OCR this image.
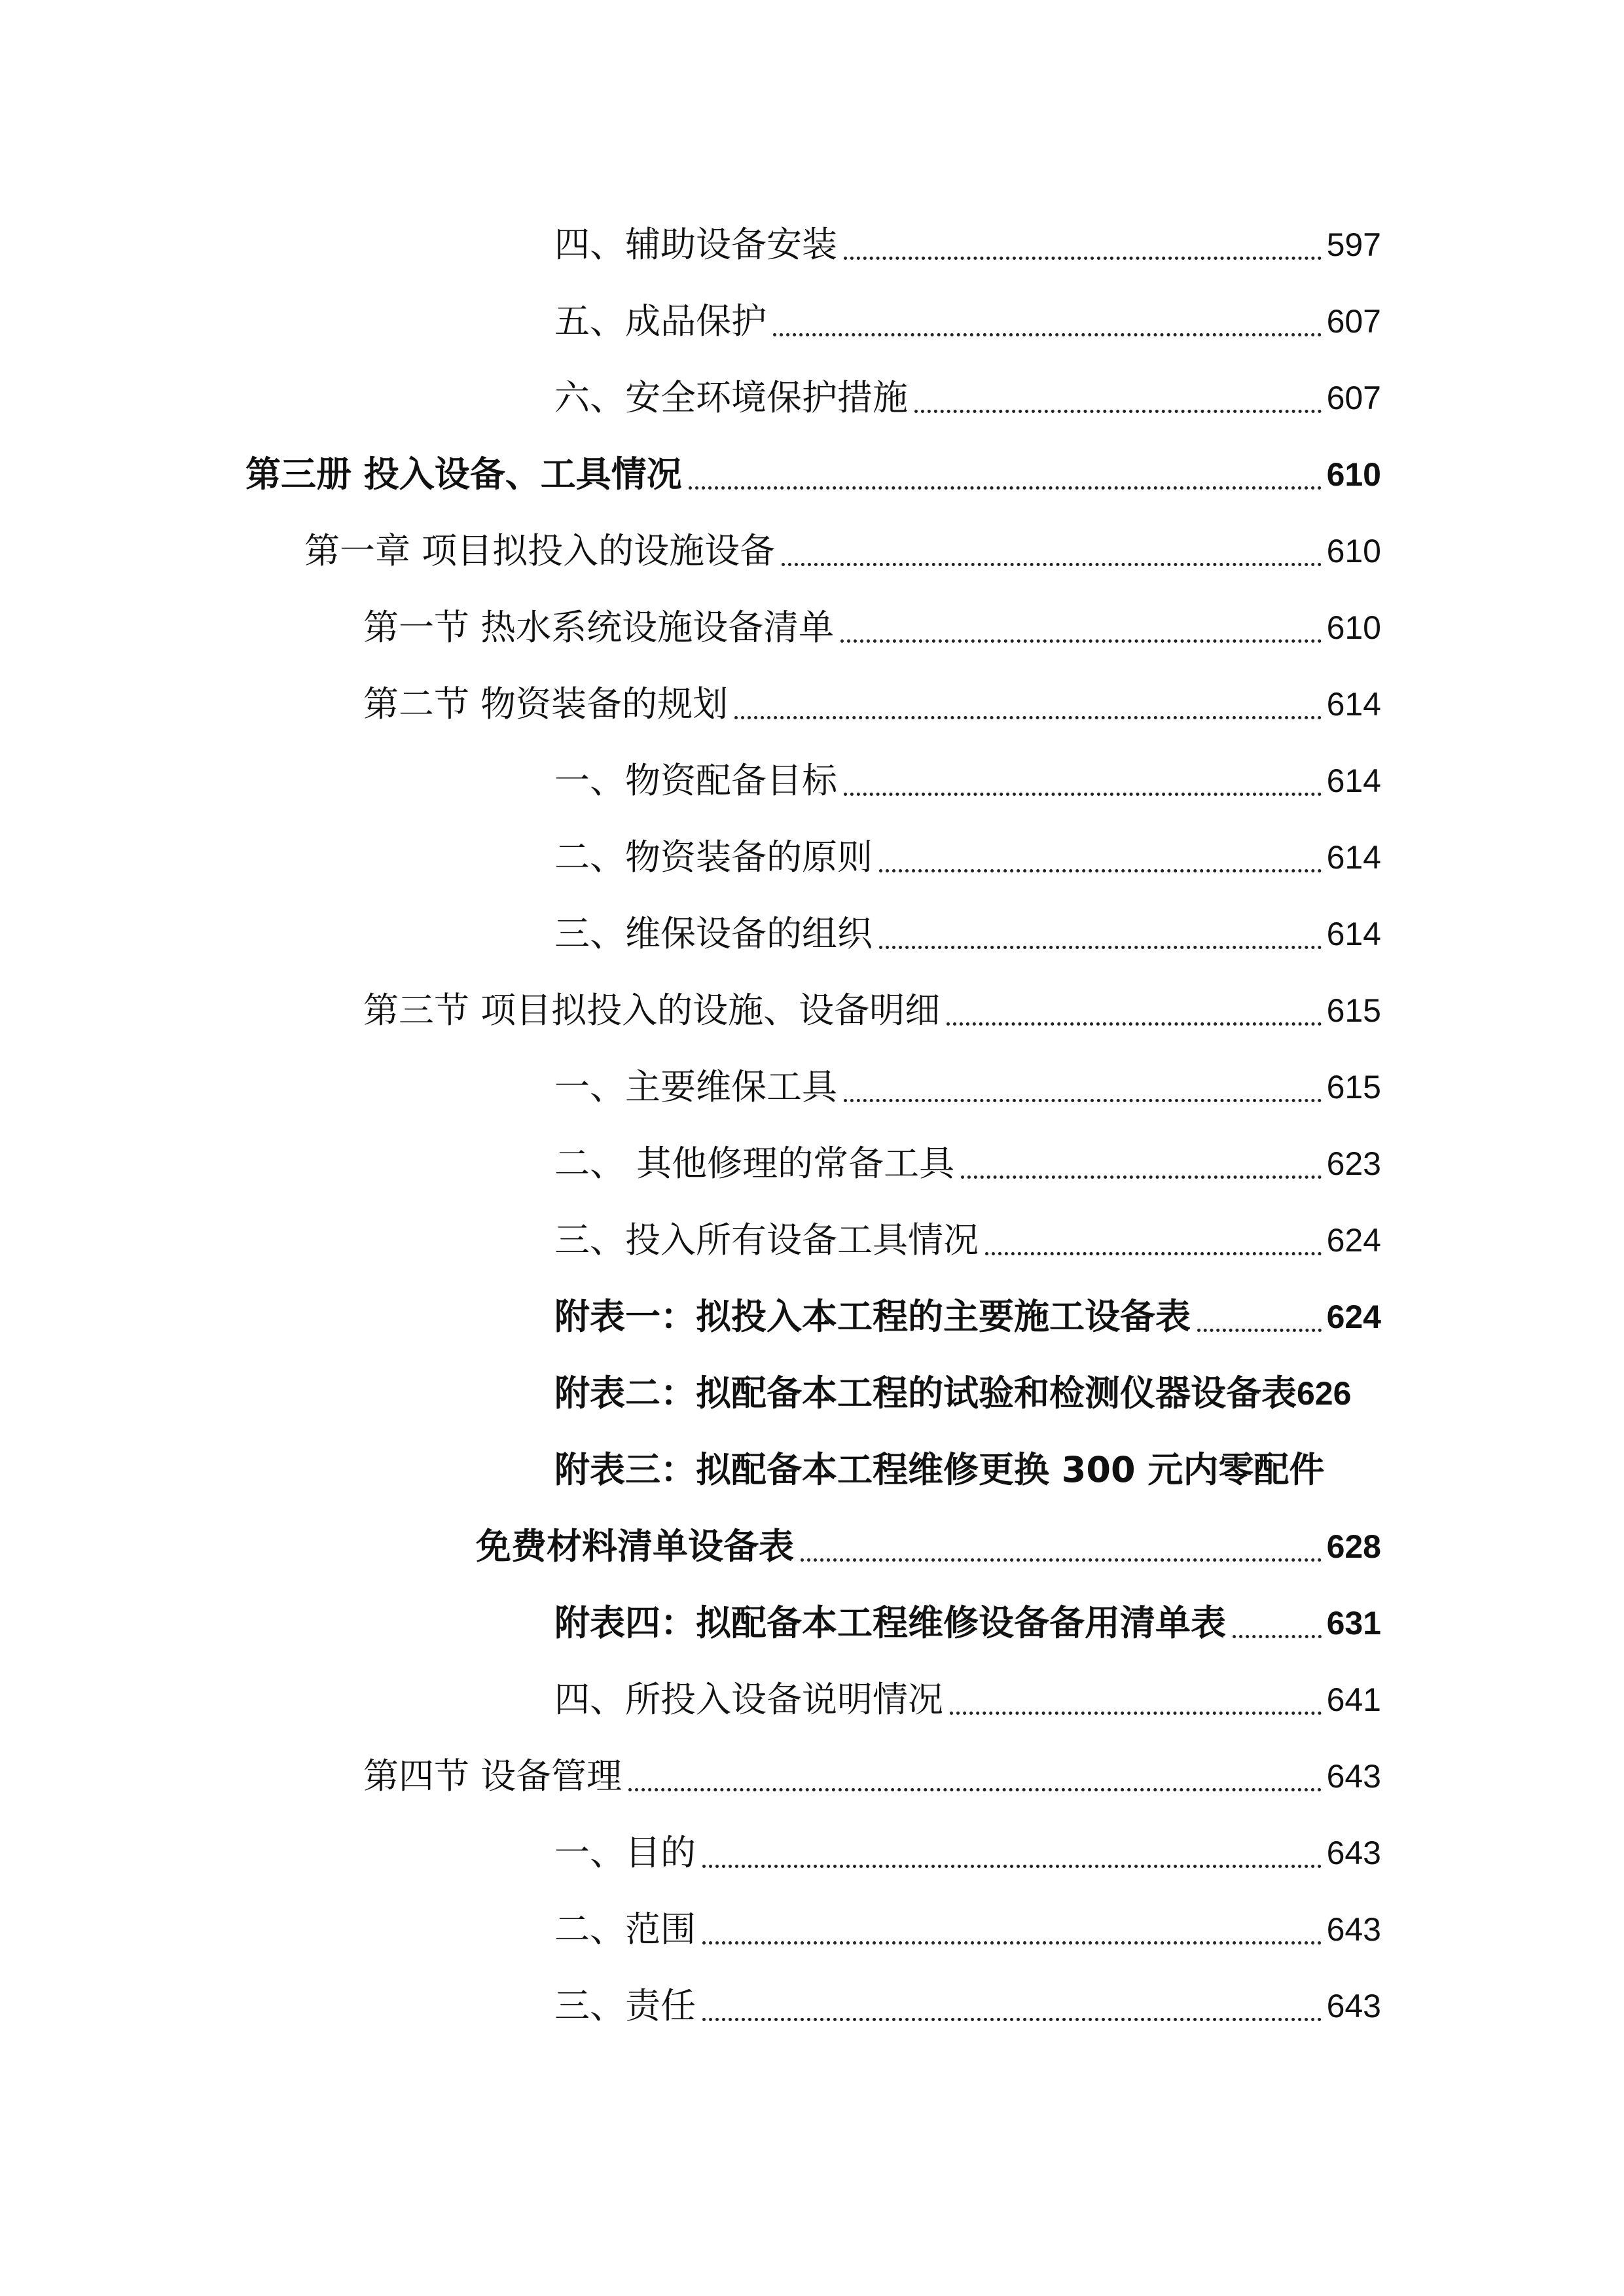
四、辅助设备安装	597
五、成品保护	607
六、安全环境保护措施	607
第三册 投入设备、工具情况	610
第一章 项目拟投入的设施设备	610
第一节 热水系统设施设备清单	610
第二节 物资装备的规划	614
一、物资配备目标	614
二、物资装备的原则	614
三、维保设备的组织	614
第三节 项目拟投入的设施、设备明细	615
一、主要维保工具	615
二、 其他修理的常备工具	623
三、投入所有设备工具情况	624
附表一：拟投入本工程的主要施工设备表	624
附表二：拟配备本工程的试验和检测仪器设备表 626
附表三：拟配备本工程维修更换 300 元内零配件
免费材料清单设备表	628
附表四：拟配备本工程维修设备备用清单表	631
四、所投入设备说明情况	641
第四节 设备管理	643
一、目的	643
二、范围	643
三、责任	643
